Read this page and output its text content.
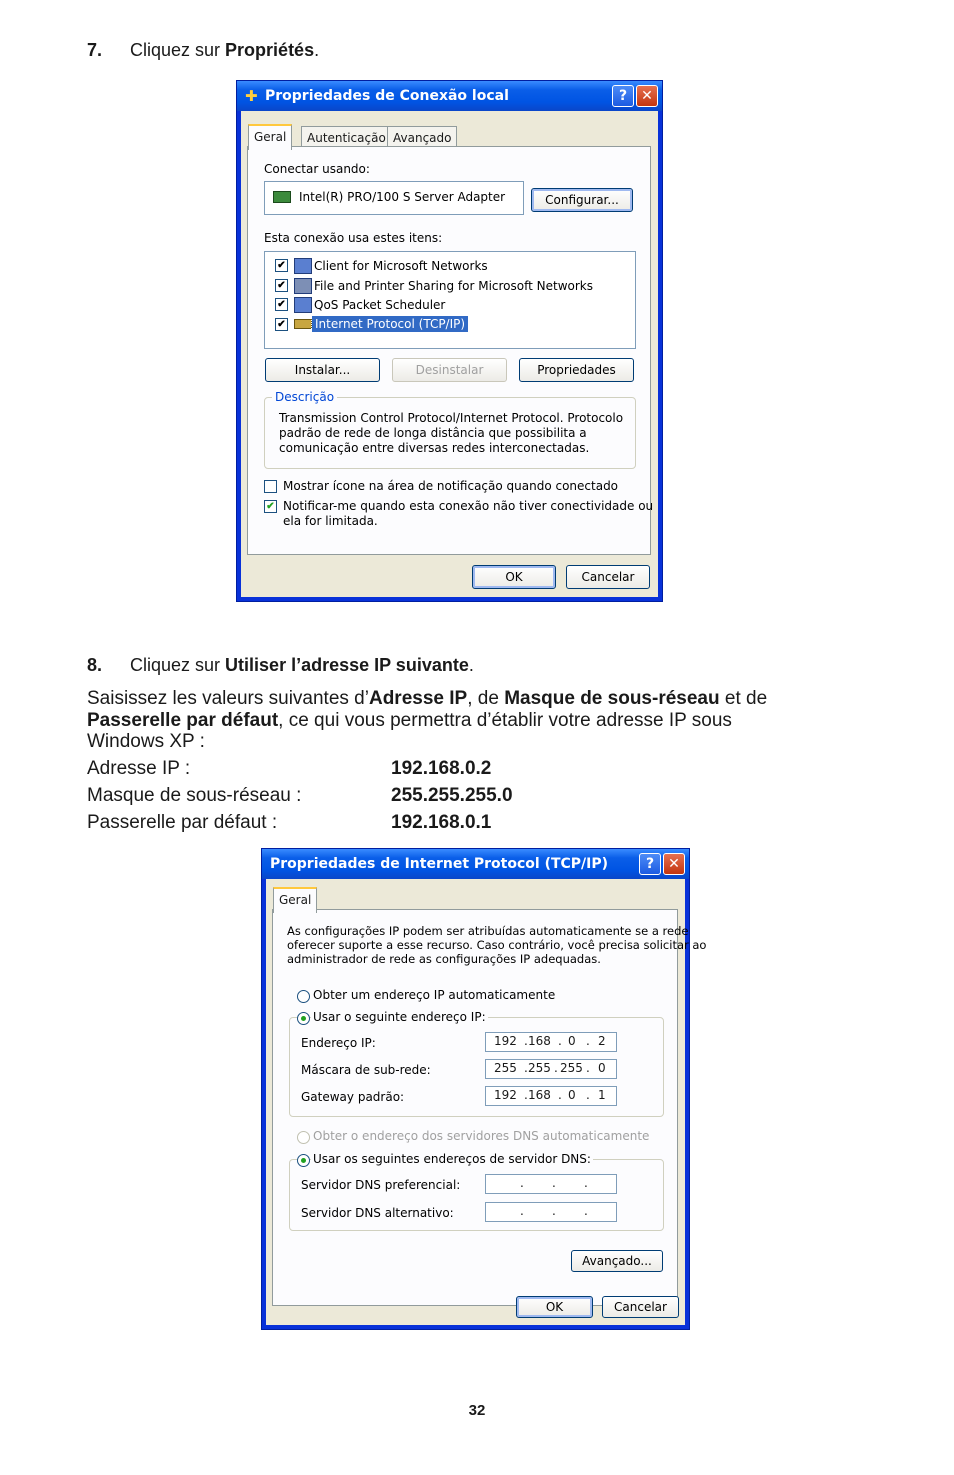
7. Cliquez sur Propriétés.
✚ Propriedades de Conexão local	?	✕
Geral	Autenticação Avançado
Conectar usando:
Intel(R) PRO/100 S Server Adapter	Configurar...
Esta conexão usa estes itens:
✔ Client for Microsoft Networks
✔ File and Printer Sharing for Microsoft Networks
✔ QoS Packet Scheduler
✔ Internet Protocol (TCP/IP)
Instalar...	Desinstalar	Propriedades
Descrição
Transmission Control Protocol/Internet Protocol. Protocolo
padrão de rede de longa distância que possibilita a
comunicação entre diversas redes interconectadas.
Mostrar ícone na área de notificação quando conectado
✔ Notificar-me quando esta conexão não tiver conectividade ou
ela for limitada.
OK	Cancelar
8. Cliquez sur Utiliser l’adresse IP suivante.
Saisissez les valeurs suivantes d’Adresse IP, de Masque de sous-réseau et de
Passerelle par défaut, ce qui vous permettra d’établir votre adresse IP sous
Windows XP :
Adresse IP :	192.168.0.2
Masque de sous-réseau :	255.255.255.0
Passerelle par défaut :	192.168.0.1
Propriedades de Internet Protocol (TCP/IP)	?	✕
Geral
As configurações IP podem ser atribuídas automaticamente se a rede
oferecer suporte a esse recurso. Caso contrário, você precisa solicitar ao
administrador de rede as configurações IP adequadas.
Obter um endereço IP automaticamente
Usar o seguinte endereço IP:
Endereço IP:	192 . 168 . 0 . 2
Máscara de sub-rede:	255 . 255 . 255 . 0
Gateway padrão:	192 . 168 . 0 . 1
Obter o endereço dos servidores DNS automaticamente
Usar os seguintes endereços de servidor DNS:
Servidor DNS preferencial:	. . .
Servidor DNS alternativo:	. . .
Avançado...
OK	Cancelar
32
